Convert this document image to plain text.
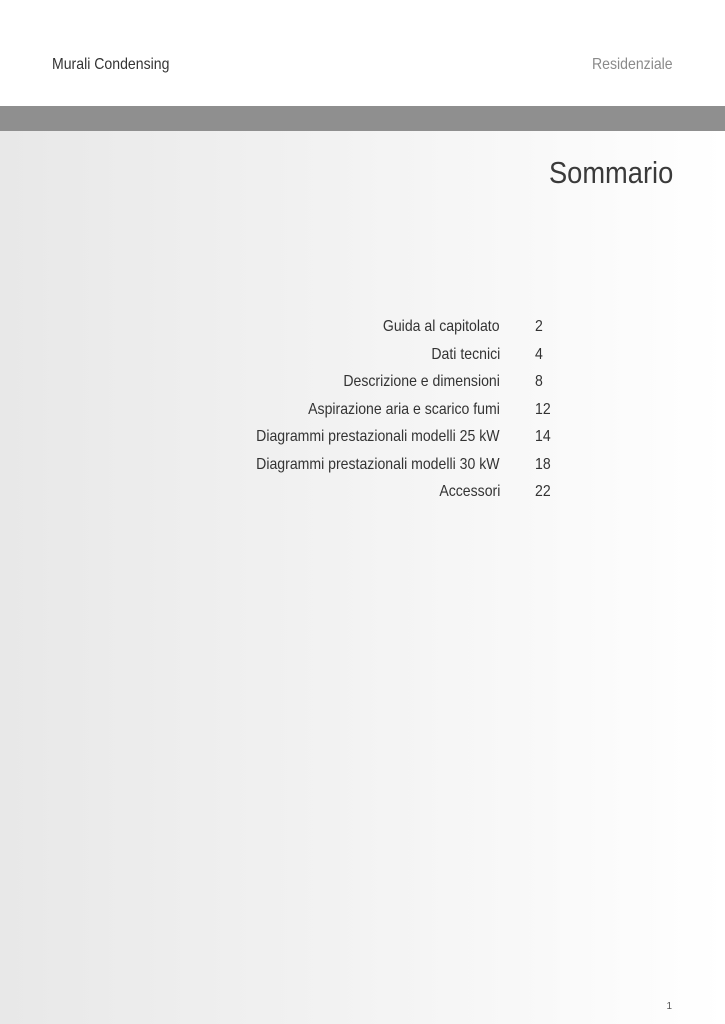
Murali Condensing	Residenziale
Sommario
Guida al capitolato 2
Dati tecnici 4
Descrizione e dimensioni 8
Aspirazione aria e scarico fumi 12
Diagrammi prestazionali modelli 25 kW 14
Diagrammi prestazionali modelli 30 kW 18
Accessori 22
1
